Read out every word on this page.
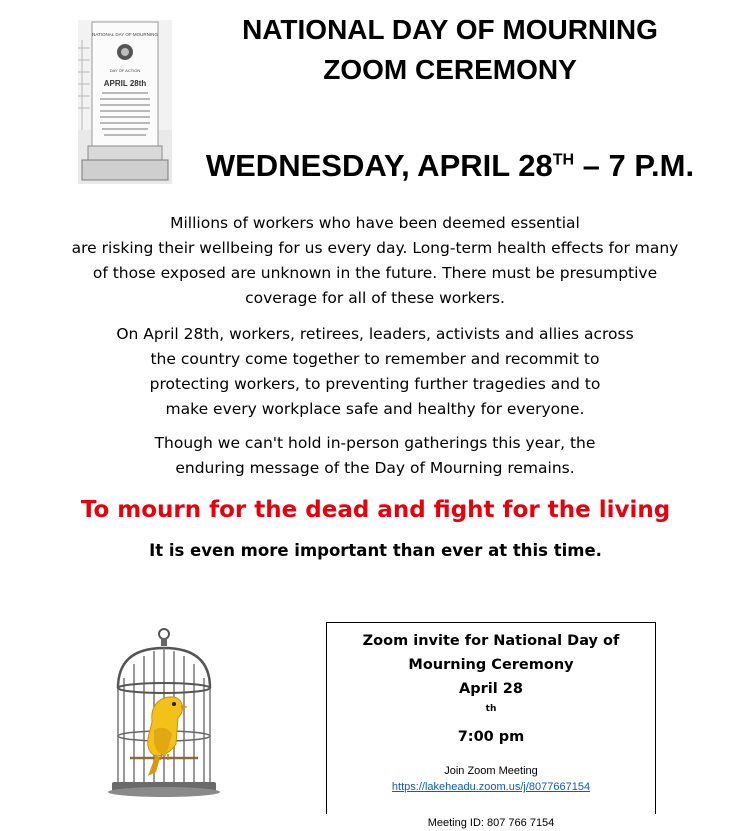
NATIONAL DAY OF MOURNING
DAY OF ACTION
APRIL 28th
NATIONAL DAY OF MOURNING
ZOOM CEREMONY
WEDNESDAY, APRIL 28TH – 7 P.M.

Millions of workers who have been deemed essential
are risking their wellbeing for us every day. Long-term health effects for many
of those exposed are unknown in the future. There must be presumptive
coverage for all of these workers.

On April 28th, workers, retirees, leaders, activists and allies across
the country come together to remember and recommit to
protecting workers, to preventing further tragedies and to
make every workplace safe and healthy for everyone.

Though we can't hold in-person gatherings this year, the
enduring message of the Day of Mourning remains.

To mourn for the dead and fight for the living

It is even more important than ever at this time.

Zoom invite for National Day of
Mourning Ceremony
April 28
$^{th}$
7:00 pm

Join Zoom Meeting

https://lakeheadu.zoom.us/j/8077667154

Meeting ID: 807 766 7154
